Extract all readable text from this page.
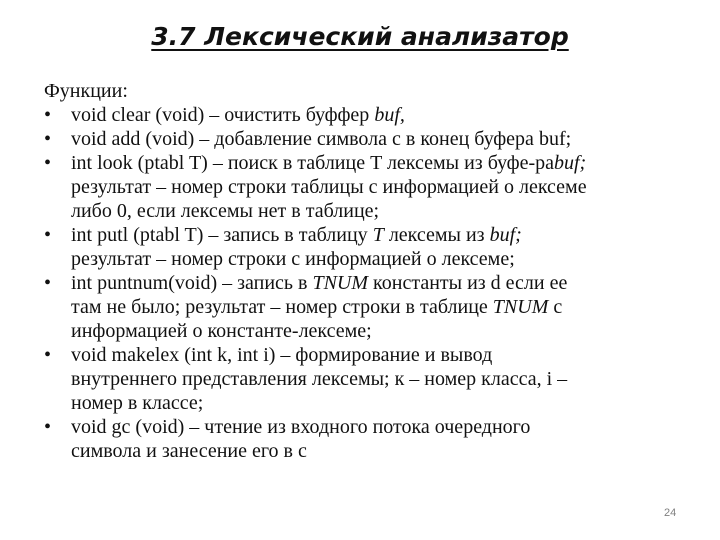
3.7 Лексический анализатор

Функции:

• void clear (void) – очистить буффер buf,
• void add (void) – добавление символа с в конец буфера buf;
• int look (ptabl T) – поиск в таблице T лексемы из буфе-раbuf;
результат – номер строки таблицы с информацией о лексеме
либо 0, если лексемы нет в таблице;
• int putl (ptabl T) – запись в таблицу T лексемы из buf;
результат – номер строки с информацией о лексеме;
• int puntnum(void) – запись в TNUM константы из d если ее
там не было; результат – номер строки в таблице TNUM с
информацией о константе-лексеме;
• void makelex (int k, int i) – формирование и вывод
внутреннего представления лексемы; к – номер класса, i –
номер в классе;
• void gc (void) – чтение из входного потока очередного
символа и занесение его в c
24
